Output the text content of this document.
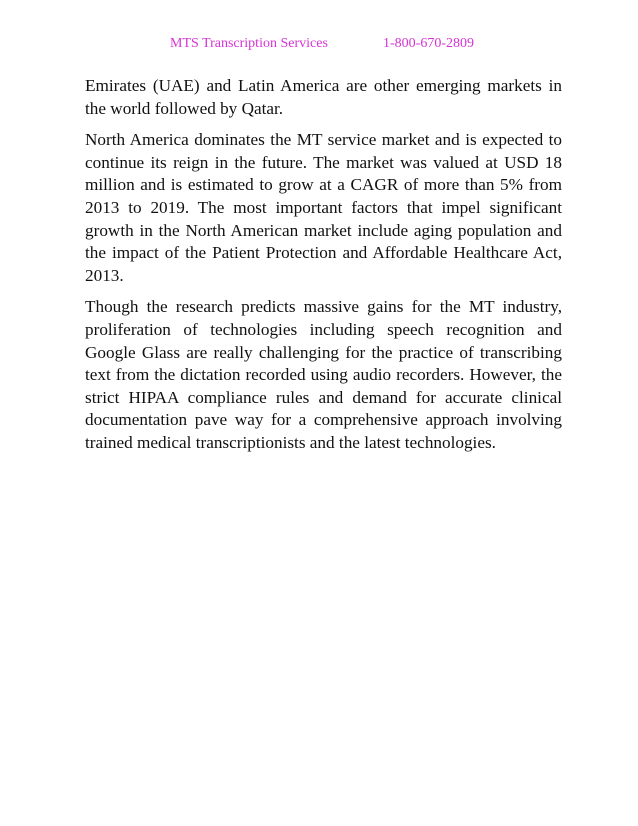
MTS Transcription Services	1-800-670-2809

Emirates (UAE) and Latin America are other emerging markets in the world followed by Qatar.

North America dominates the MT service market and is expected to continue its reign in the future. The market was valued at USD 18 million and is estimated to grow at a CAGR of more than 5% from 2013 to 2019. The most important factors that impel significant growth in the North American market include aging population and the impact of the Patient Protection and Affordable Healthcare Act, 2013.

Though the research predicts massive gains for the MT industry, proliferation of technologies including speech recognition and Google Glass are really challenging for the practice of transcribing text from the dictation recorded using audio recorders. However, the strict HIPAA compliance rules and demand for accurate clinical documentation pave way for a comprehensive approach involving trained medical transcriptionists and the latest technologies.
